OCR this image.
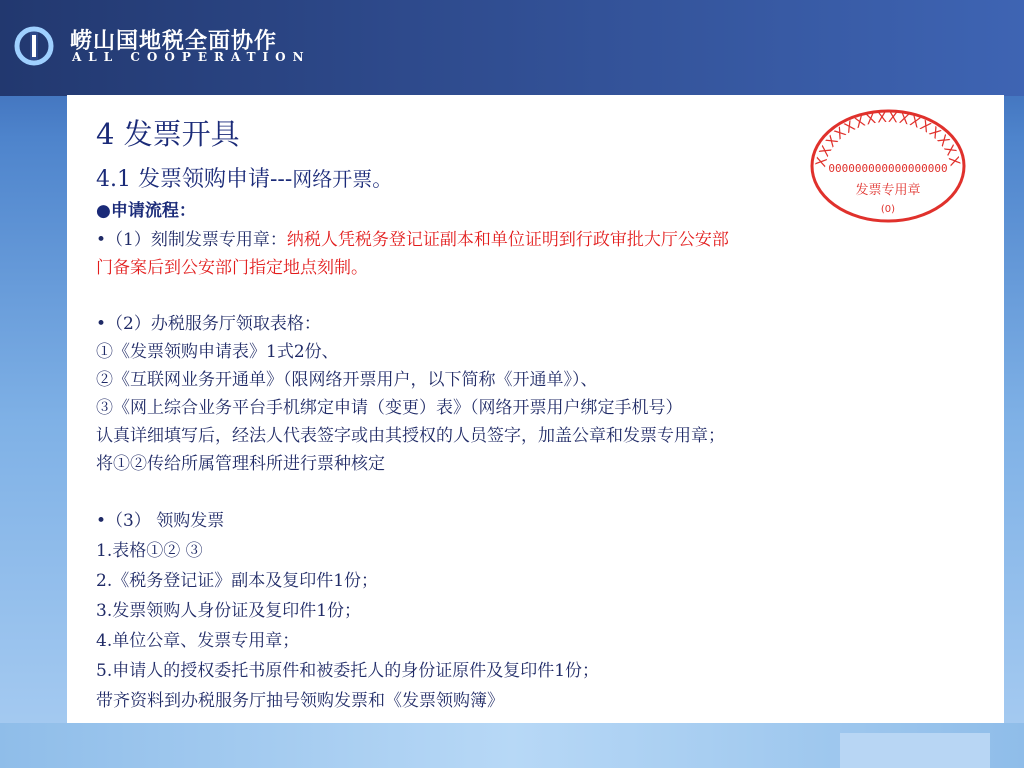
崂山国地税全面协作
ALL COOPERATION
4 发票开具
4.1 发票领购申请---网络开票。
●申请流程：
•（1）刻制发票专用章：纳税人凭税务登记证副本和单位证明到行政审批大厅公安部
门备案后到公安部门指定地点刻制。
•（2）办税服务厅领取表格：
①《发票领购申请表》1式2份、
②《互联网业务开通单》（限网络开票用户，以下简称《开通单》）、
③《网上综合业务平台手机绑定申请（变更）表》（网络开票用户绑定手机号）
认真详细填写后，经法人代表签字或由其授权的人员签字，加盖公章和发票专用章；
将①②传给所属管理科所进行票种核定
•（3） 领购发票
1.表格①② ③
2.《税务登记证》副本及复印件1份；
3.发票领购人身份证及复印件1份；
4.单位公章、发票专用章；
5.申请人的授权委托书原件和被委托人的身份证原件及复印件1份；
带齐资料到办税服务厅抽号领购发票和《发票领购簿》
XXXXXXXXXXXXXXXX
000000000000000000
发票专用章
(0)
